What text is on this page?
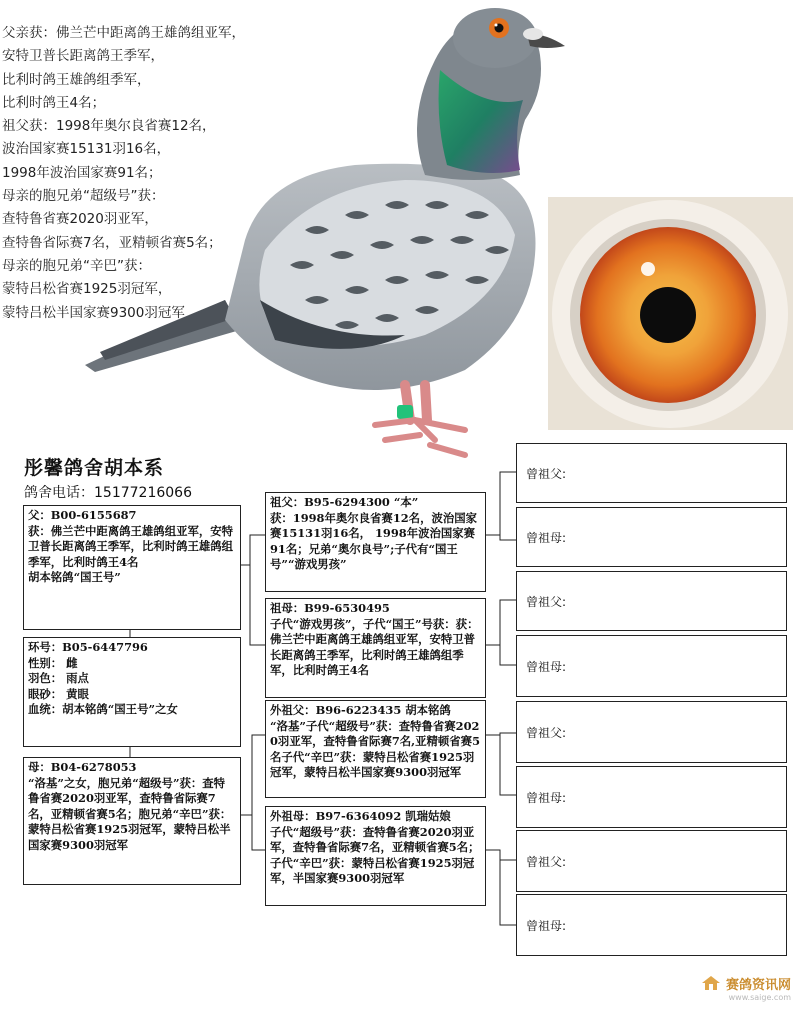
父亲获：佛兰芒中距离鸽王雄鸽组亚军，
安特卫普长距离鸽王季军，
比利时鸽王雄鸽组季军，
比利时鸽王4名；
祖父获：1998年奥尔良省赛12名，
波治国家赛15131羽16名，
1998年波治国家赛91名；
母亲的胞兄弟“超级号”获：
查特鲁省赛2020羽亚军，
查特鲁省际赛7名，亚精顿省赛5名；
母亲的胞兄弟“辛巴”获：
蒙特吕松省赛1925羽冠军，
蒙特吕松半国家赛9300羽冠军
彤馨鸽舍胡本系
鸽舍电话：15177216066
父：B00-6155687
获：佛兰芒中距离鸽王雄鸽组亚军，安特卫普长距离鸽王季军，比利时鸽王雄鸽组季军，比利时鸽王4名
胡本铭鸽“国王号”
环号：B05-6447796
性别： 雌
羽色： 雨点
眼砂： 黄眼
血统：胡本铭鸽“国王号”之女
母：B04-6278053
“洛基”之女，胞兄弟“超级号”获：查特鲁省赛2020羽亚军，查特鲁省际赛7名，亚精顿省赛5名；胞兄弟“辛巴”获：蒙特吕松省赛1925羽冠军，蒙特吕松半国家赛9300羽冠军
祖父：B95-6294300 “本”
获：1998年奥尔良省赛12名，波治国家赛15131羽16名， 1998年波治国家赛91名；兄弟“奥尔良号”;子代有“国王号”“游戏男孩”
祖母：B99-6530495
子代“游戏男孩”，子代“国王”号获：获：佛兰芒中距离鸽王雄鸽组亚军，安特卫普长距离鸽王季军，比利时鸽王雄鸽组季军，比利时鸽王4名
外祖父：B96-6223435 胡本铭鸽
“洛基”子代“超级号”获：查特鲁省赛2020羽亚军，查特鲁省际赛7名,亚精顿省赛5名子代“辛巴”获：蒙特吕松省赛1925羽冠军，蒙特吕松半国家赛9300羽冠军
外祖母：B97-6364092 凯瑞姑娘
子代“超级号”获：查特鲁省赛2020羽亚军，查特鲁省际赛7名，亚精顿省赛5名；子代“辛巴”获：蒙特吕松省赛1925羽冠军，半国家赛9300羽冠军
曾祖父:
曾祖母:
曾祖父:
曾祖母:
曾祖父:
曾祖母:
曾祖父:
曾祖母:
赛鸽资讯网
www.saige.com
